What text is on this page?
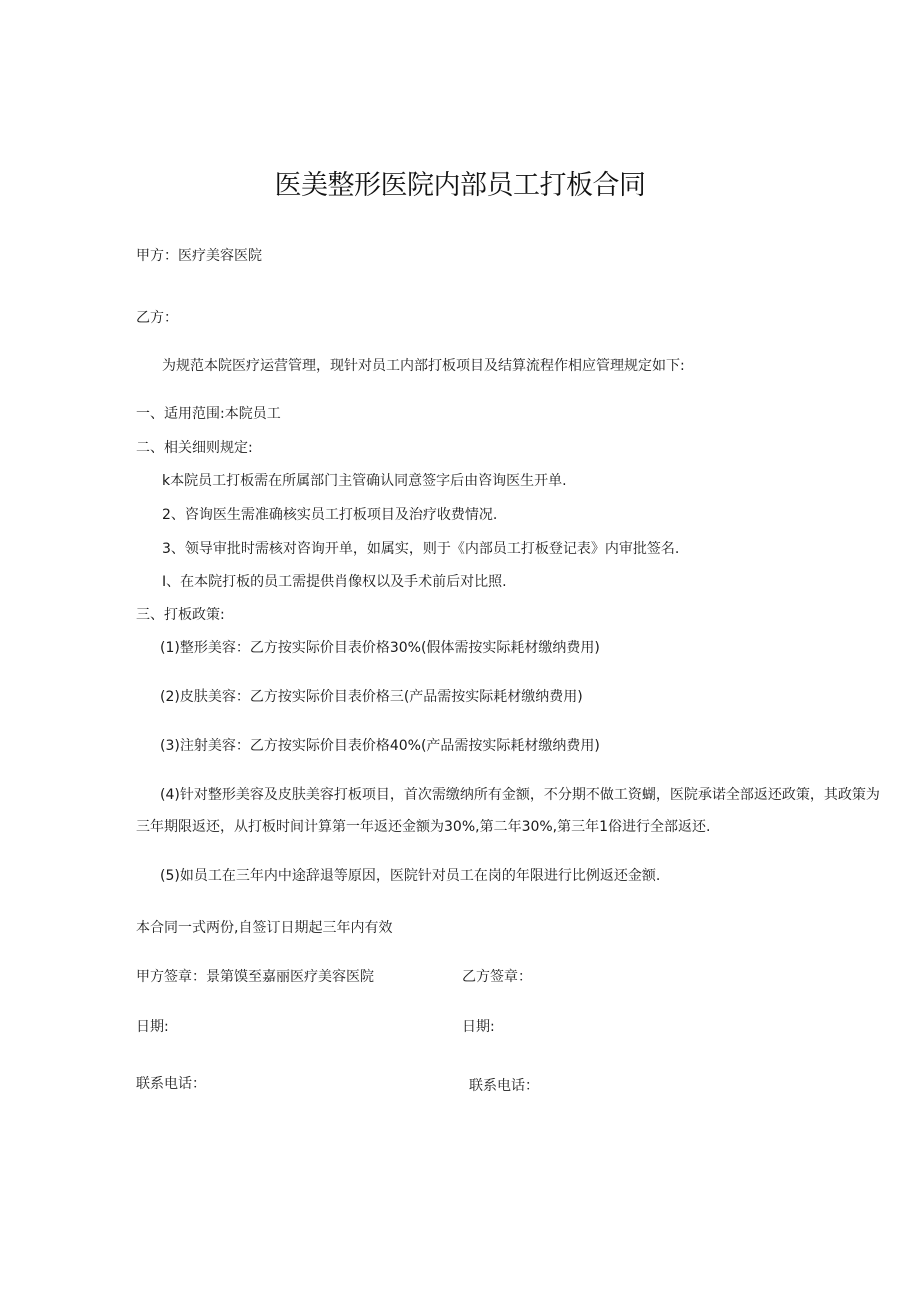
医美整形医院内部员工打板合同
甲方：医疗美容医院
乙方：
为规范本院医疗运营管理，现针对员工内部打板项目及结算流程作相应管理规定如下:
一、适用范围:本院员工
二、相关细则规定:
k本院员工打板需在所属部门主管确认同意签字后由咨询医生开单.
2、咨询医生需准确核实员工打板项目及治疗收费情况.
3、领导审批时需核对咨询开单，如属实，则于《内部员工打板登记表》内审批签名.
I、在本院打板的员工需提供肖像权以及手术前后对比照.
三、打板政策:
(1)整形美容：乙方按实际价目表价格30%(假体需按实际耗材缴纳费用)
(2)皮肤美容：乙方按实际价目表价格三(产品需按实际耗材缴纳费用)
(3)注射美容：乙方按实际价目表价格40%(产品需按实际耗材缴纳费用)
(4)针对整形美容及皮肤美容打板项目，首次需缴纳所有金额，不分期不做工资蝴，医院承诺全部返还政策，其政策为三年期限返还，从打板时间计算第一年返还金额为30%,第二年30%,第三年1俗进行全部返还.
(5)如员工在三年内中途辞退等原因，医院针对员工在岗的年限进行比例返还金额.
本合同一式两份,自签订日期起三年内有效
甲方签章：景第馍至嘉丽医疗美容医院	乙方签章：
日期:	日期:
联系电话：	联系电话：
